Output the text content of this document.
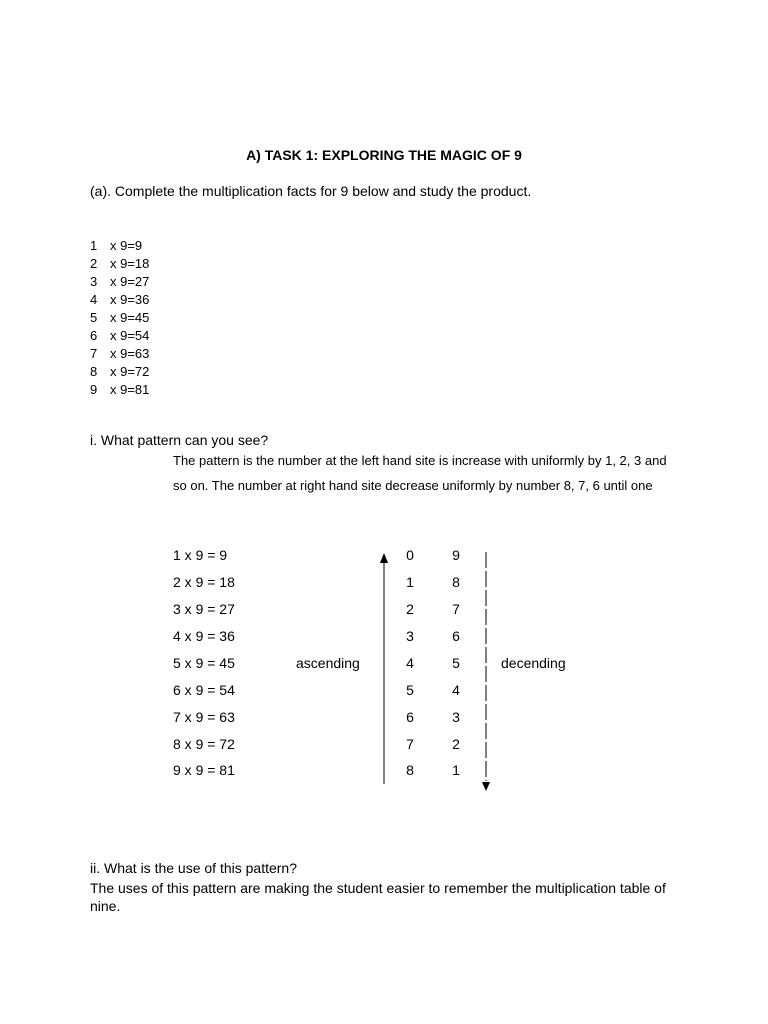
A) TASK 1: EXPLORING THE MAGIC OF 9
(a). Complete the multiplication facts for 9 below and study the product.
1 x 9=9
2 x 9=18
3 x 9=27
4 x 9=36
5 x 9=45
6 x 9=54
7 x 9=63
8 x 9=72
9 x 9=81
i. What pattern can you see?
The pattern is the number at the left hand site is increase with uniformly by 1, 2, 3 and so on. The number at right hand site decrease uniformly by number 8, 7, 6 until one
1 x 9 = 9
2 x 9 = 18
3 x 9 = 27
4 x 9 = 36
5 x 9 = 45
6 x 9 = 54
7 x 9 = 63
8 x 9 = 72
9 x 9 = 81
0
1
2
3
4
5
6
7
8
9
8
7
6
5
4
3
2
1
ascending	decending
ii. What is the use of this pattern?
The uses of this pattern are making the student easier to remember the multiplication table of nine.
